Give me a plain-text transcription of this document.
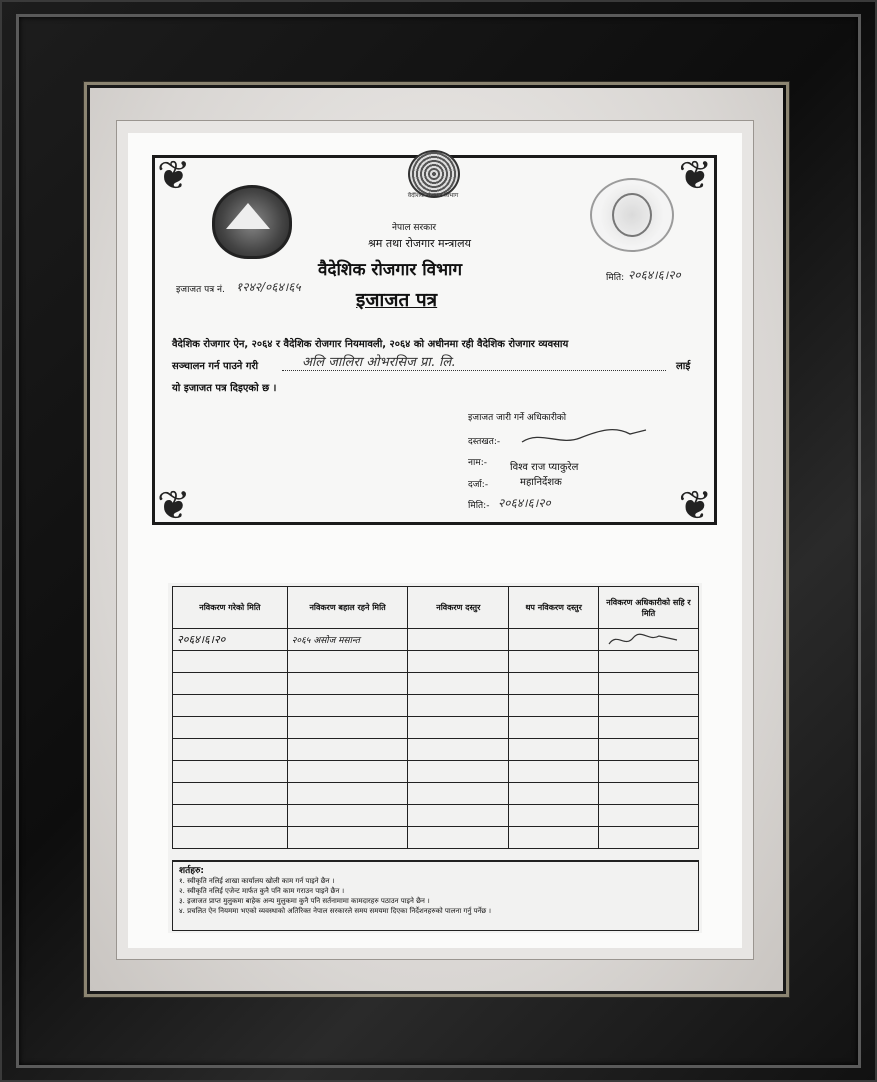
❦	❦
❦	❦
वैदेशिक रोजगार विभाग
नेपाल सरकार
श्रम तथा रोजगार मन्त्रालय
वैदेशिक रोजगार विभाग
इजाजत पत्र नं. १२४२/०६४।६५
मिति: २०६४।६।२०
इजाजत पत्र
वैदेशिक रोजगार ऐन, २०६४ र वैदेशिक रोजगार नियमावली, २०६४ को अधीनमा रही वैदेशिक रोजगार व्यवसाय
सञ्चालन गर्न पाउने गरी	अलि जालिरा ओभरसिज प्रा. लि.	लाई
यो इजाजत पत्र दिइएको छ ।
इजाजत जारी गर्ने अधिकारीको
दस्तखत:-
नाम:- विश्व राज प्याकुरेल
दर्जा:-	महानिर्देशक
मिति:- २०६४।६।२०
नविकरण गरेको मिति	नविकरण बहाल रहने मिति	नविकरण दस्तुर	थप नविकरण दस्तुर	नविकरण अधिकारीको सहि र मिति
२०६४।६।२०	२०६५ असोज मसान्त			

शर्तहरु:
१. स्वीकृति नलिई शाखा कार्यालय खोली काम गर्न पाइने छैन ।
२. स्वीकृति नलिई एजेन्ट मार्फत कुनै पनि काम गराउन पाइने छैन ।
३. इजाजत प्राप्त मुलुकमा बाहेक अन्य मुलुकमा कुनै पनि सर्तनामामा कामदारहरु पठाउन पाइने छैन ।
४. प्रचलित ऐन नियममा भएको व्यवस्थाको अतिरिक्त नेपाल सरकारले समय समयमा दिएका निर्देशनहरुको पालना गर्नु पर्नेछ ।
